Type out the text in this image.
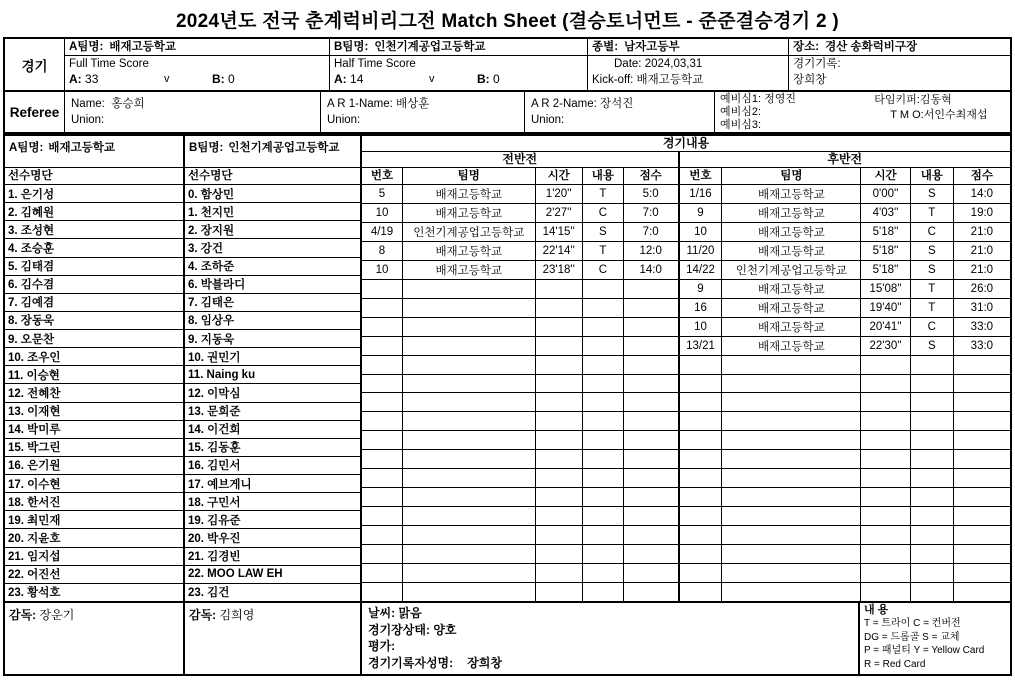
2024년도 전국 춘계럭비리그전 Match Sheet (결승토너먼트 - 준준결승경기 2 )
경기
A팀명: 배재고등학교
Full Time Score
A: 33	v	B: 0
B팀명: 인천기계공업고등학교
Half Time Score
A: 14	v	B: 0
종별: 남자고등부
Date: 2024,03,31
Kick-off: 배재고등학교
장소: 경산 송화럭비구장
경기기록:
장희창
Referee
Name: 홍승희
Union:
A R 1-Name: 배상훈
Union:
A R 2-Name: 장석진
Union:
예비심1: 정영진
예비심2:
예비심3:
타임키퍼:김동혁
T M O:서인수최재섭
A팀명: 배재고등학교
선수명단
1. 은기성
2. 김혜원
3. 조성현
4. 조승훈
5. 김태겸
6. 김수겸
7. 김예겸
8. 장동욱
9. 오문찬
10. 조우인
11. 이승현
12. 전혜찬
13. 이재현
14. 박미루
15. 박그린
16. 은기원
17. 이수현
18. 한서진
19. 최민재
20. 지윤호
21. 임지섭
22. 어진선
23. 황석호
감독: 장운기
B팀명: 인천기계공업고등학교
선수명단
0. 함상민
1. 천지민
2. 장지원
3. 강건
4. 조하준
6. 박블라디
7. 김태은
8. 임상우
9. 지동욱
10. 권민기
11. Naing ku
12. 이막심
13. 문희준
14. 이건희
15. 김동훈
16. 김민서
17. 예브게니
18. 구민서
19. 김유준
20. 박우진
21. 김경빈
22. MOO LAW EH
23. 김건
감독: 김희영
경기내용
전반전	후반전
번호	팀명	시간	내용	점수
5	배재고등학교	1'20''	T	5:0
10	배재고등학교	2'27''	C	7:0
4/19	인천기계공업고등학교	14'15''	S	7:0
8	배재고등학교	22'14''	T	12:0
10	배재고등학교	23'18''	C	14:0
번호	팀명	시간	내용	점수
1/16	배재고등학교	0'00''	S	14:0
9	배재고등학교	4'03''	T	19:0
10	배재고등학교	5'18''	C	21:0
11/20	배재고등학교	5'18''	S	21:0
14/22	인천기계공업고등학교	5'18''	S	21:0
9	배재고등학교	15'08''	T	26:0
16	배재고등학교	19'40''	T	31:0
10	배재고등학교	20'41''	C	33:0
13/21	배재고등학교	22'30''	S	33:0
날씨: 맑음
경기장상태: 양호
평가:
경기기록자성명: 장희창
내 용
T = 트라이 C = 컨버전
DG = 드롭골 S = 교체
P = 패널티 Y = Yellow Card
R = Red Card
